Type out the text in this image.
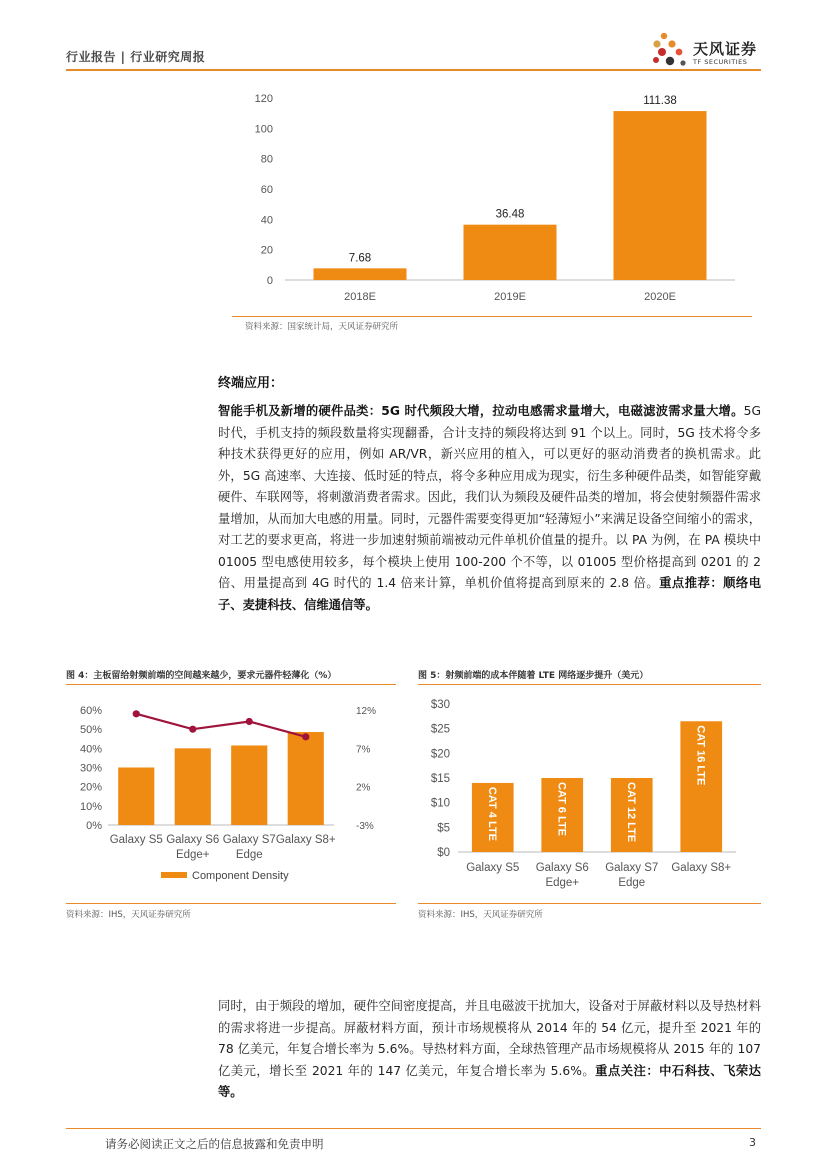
行业报告 | 行业研究周报	天风证券
TF SECURITIES
0
20
40
60
80
100
120
7.68
2018E
36.48
2019E
111.38
2020E
资料来源：国家统计局，天风证券研究所
终端应用：
智能手机及新增的硬件品类：5G 时代频段大增，拉动电感需求量增大，电磁滤波需求量大增。5G 时代，手机支持的频段数量将实现翻番，合计支持的频段将达到 91 个以上。同时，5G 技术将令多种技术获得更好的应用，例如 AR/VR，新兴应用的植入，可以更好的驱动消费者的换机需求。此外，5G 高速率、大连接、低时延的特点，将令多种应用成为现实，衍生多种硬件品类，如智能穿戴硬件、车联网等，将刺激消费者需求。因此，我们认为频段及硬件品类的增加，将会使射频器件需求量增加，从而加大电感的用量。同时，元器件需要变得更加“轻薄短小”来满足设备空间缩小的需求，对工艺的要求更高，将进一步加速射频前端被动元件单机价值量的提升。以 PA 为例，在 PA 模块中 01005 型电感使用较多，每个模块上使用 100-200 个不等，以 01005 型价格提高到 0201 的 2 倍、用量提高到 4G 时代的 1.4 倍来计算，单机价值将提高到原来的 2.8 倍。重点推荐：顺络电子、麦捷科技、信维通信等。
图 4：主板留给射频前端的空间越来越少，要求元器件轻薄化（%）
0%
10%
20%
30%
40%
50%
60%
-3%
2%
7%
12%
Galaxy S5 Galaxy S6 Edge+
Galaxy S7 Edge
Galaxy S8+
Component Density
资料来源：IHS，天风证券研究所
图 5：射频前端的成本伴随着 LTE 网络逐步提升（美元）
$0
$5
$10
$15
$20
$25
$30
CAT 4 LTE
Galaxy S5
CAT 6 LTE
Galaxy S6 Edge+
CAT 12 LTE
Galaxy S7 Edge
CAT 16 LTE
Galaxy S8+
资料来源：IHS，天风证券研究所
同时，由于频段的增加，硬件空间密度提高，并且电磁波干扰加大，设备对于屏蔽材料以及导热材料的需求将进一步提高。屏蔽材料方面，预计市场规模将从 2014 年的 54 亿元，提升至 2021 年的 78 亿美元，年复合增长率为 5.6%。导热材料方面，全球热管理产品市场规模将从 2015 年的 107 亿美元，增长至 2021 年的 147 亿美元，年复合增长率为 5.6%。重点关注：中石科技、飞荣达等。
请务必阅读正文之后的信息披露和免责申明	3
